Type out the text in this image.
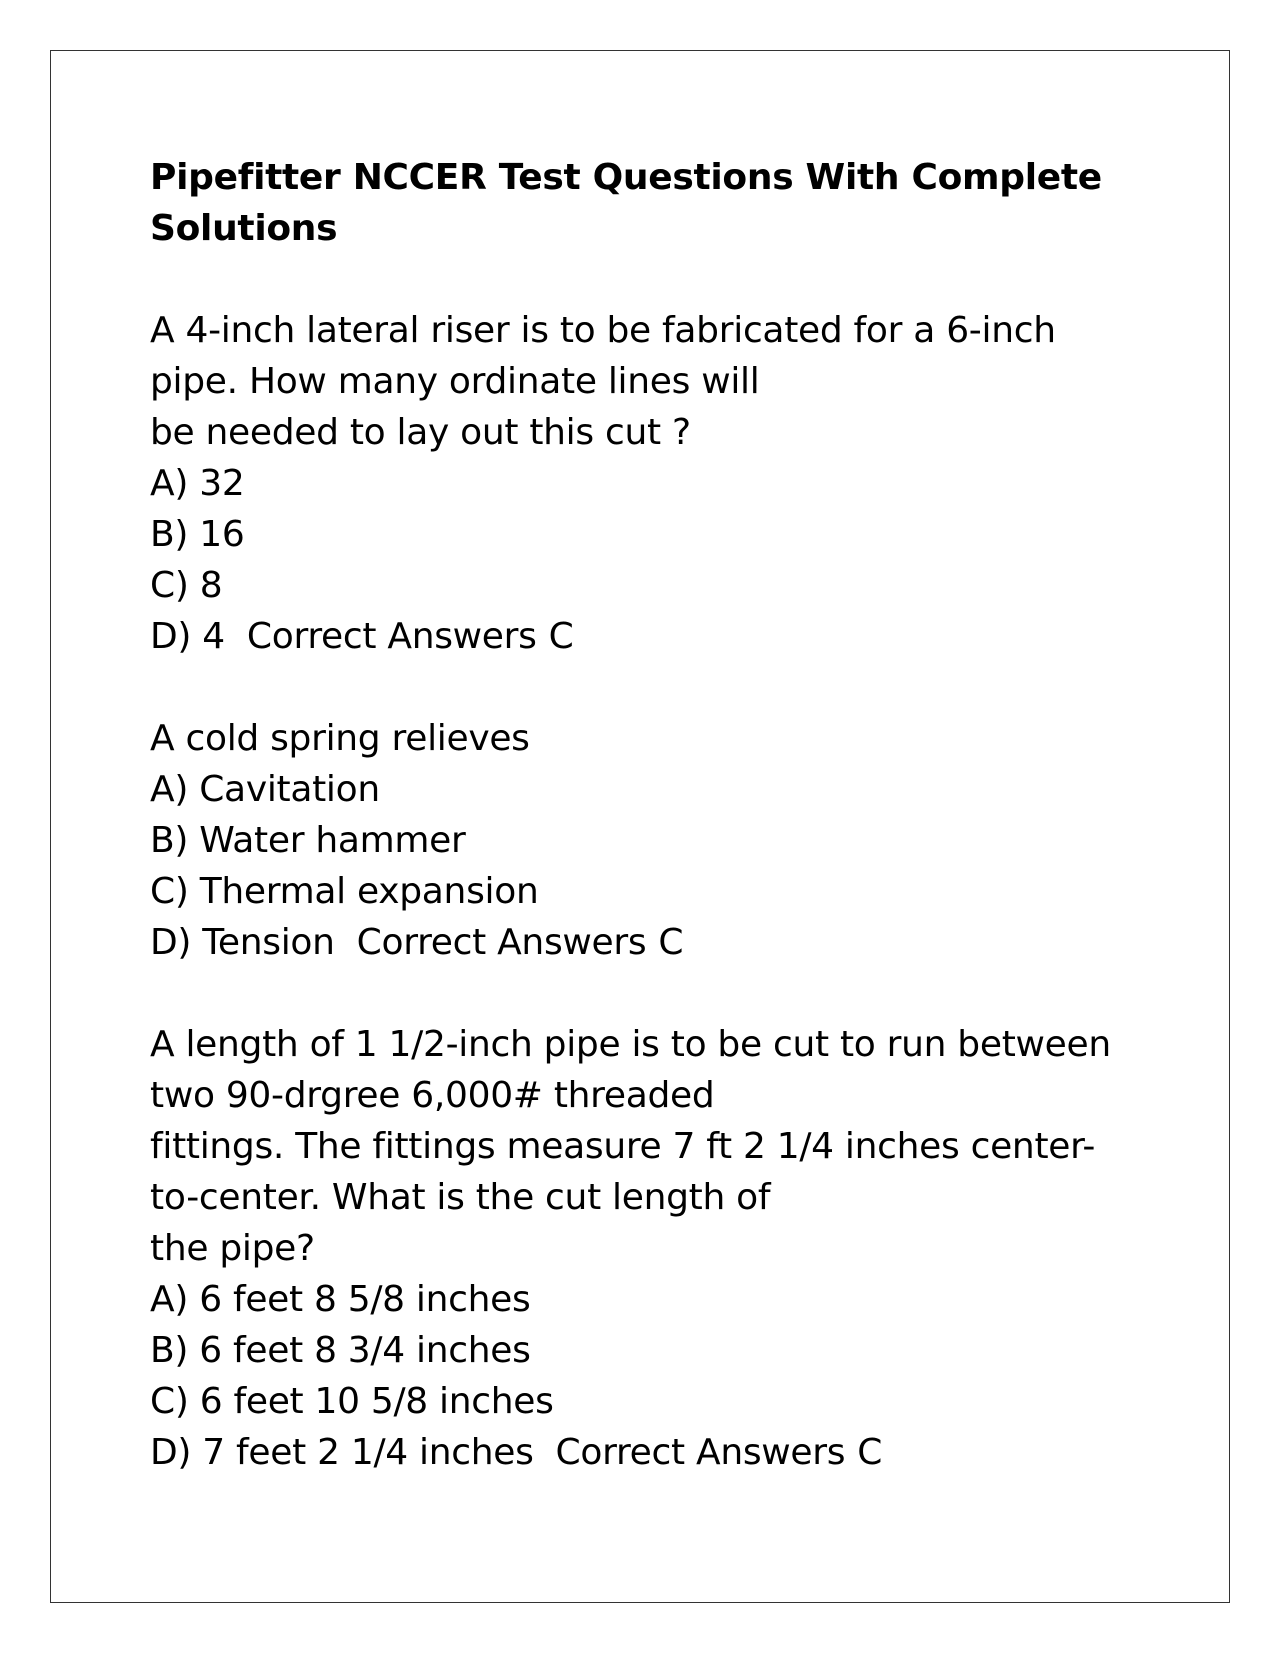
Pipefitter NCCER Test Questions With Complete Solutions
A 4-inch lateral riser is to be fabricated for a 6-inch
pipe. How many ordinate lines will
be needed to lay out this cut ?
A) 32
B) 16
C) 8
D) 4 Correct Answers C
A cold spring relieves
A) Cavitation
B) Water hammer
C) Thermal expansion
D) Tension Correct Answers C
A length of 1 1/2-inch pipe is to be cut to run between
two 90-drgree 6,000# threaded
fittings. The fittings measure 7 ft 2 1/4 inches center-
to-center. What is the cut length of
the pipe?
A) 6 feet 8 5/8 inches
B) 6 feet 8 3/4 inches
C) 6 feet 10 5/8 inches
D) 7 feet 2 1/4 inches Correct Answers C
